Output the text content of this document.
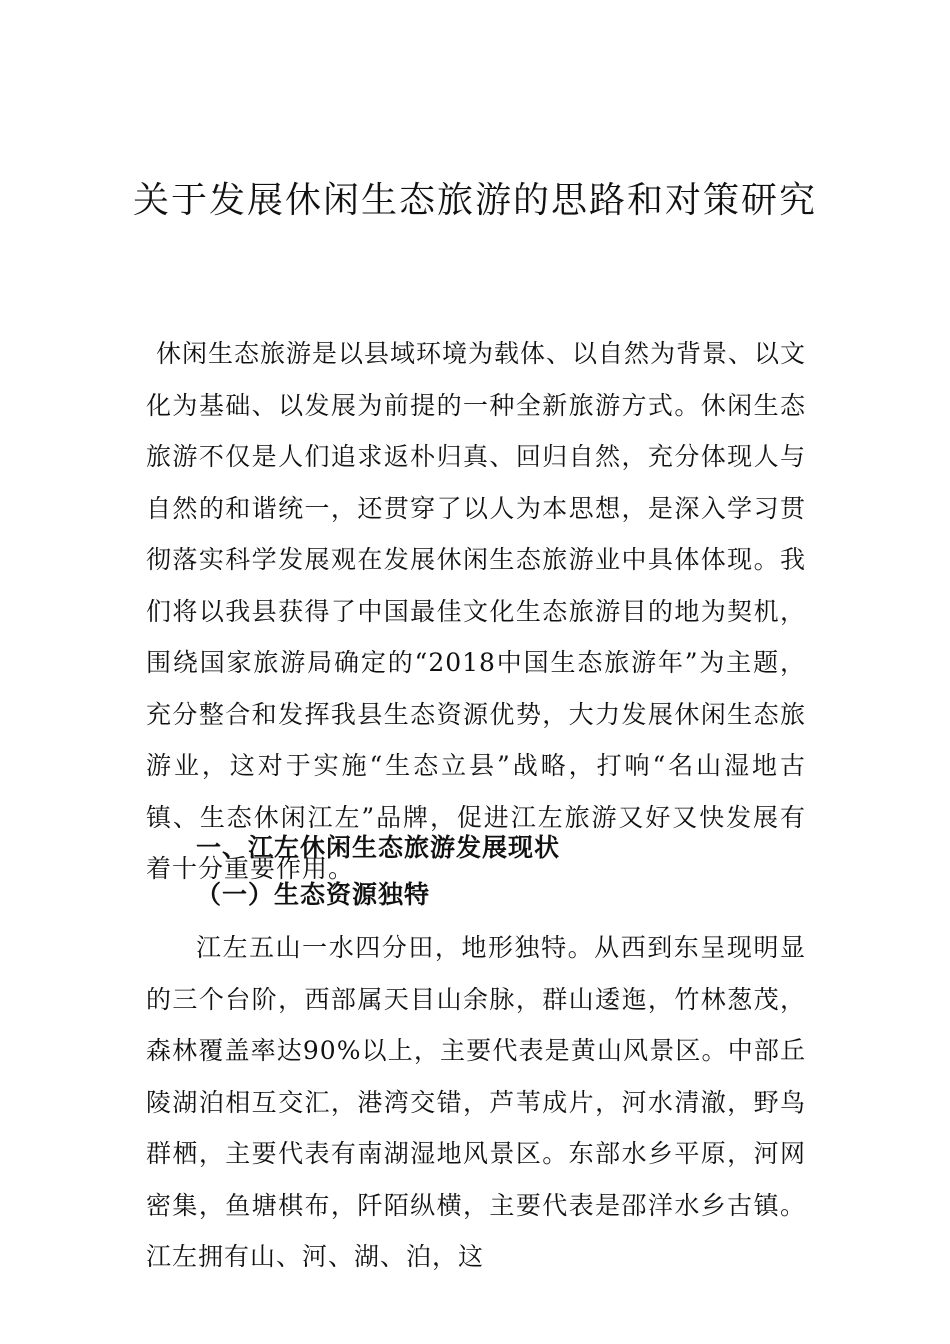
关于发展休闲生态旅游的思路和对策研究

休闲生态旅游是以县域环境为载体、以自然为背景、以文化为基础、以发展为前提的一种全新旅游方式。休闲生态旅游不仅是人们追求返朴归真、回归自然，充分体现人与自然的和谐统一，还贯穿了以人为本思想，是深入学习贯彻落实科学发展观在发展休闲生态旅游业中具体体现。我们将以我县获得了中国最佳文化生态旅游目的地为契机，围绕国家旅游局确定的“2018中国生态旅游年”为主题，充分整合和发挥我县生态资源优势，大力发展休闲生态旅游业，这对于实施“生态立县”战略，打响“名山湿地古镇、生态休闲江左”品牌，促进江左旅游又好又快发展有着十分重要作用。

一、江左休闲生态旅游发展现状
（一）生态资源独特

江左五山一水四分田，地形独特。从西到东呈现明显的三个台阶，西部属天目山余脉，群山逶迤，竹林葱茂，森林覆盖率达90%以上，主要代表是黄山风景区。中部丘陵湖泊相互交汇，港湾交错，芦苇成片，河水清澈，野鸟群栖，主要代表有南湖湿地风景区。东部水乡平原，河网密集，鱼塘棋布，阡陌纵横，主要代表是邵洋水乡古镇。江左拥有山、河、湖、泊，这
